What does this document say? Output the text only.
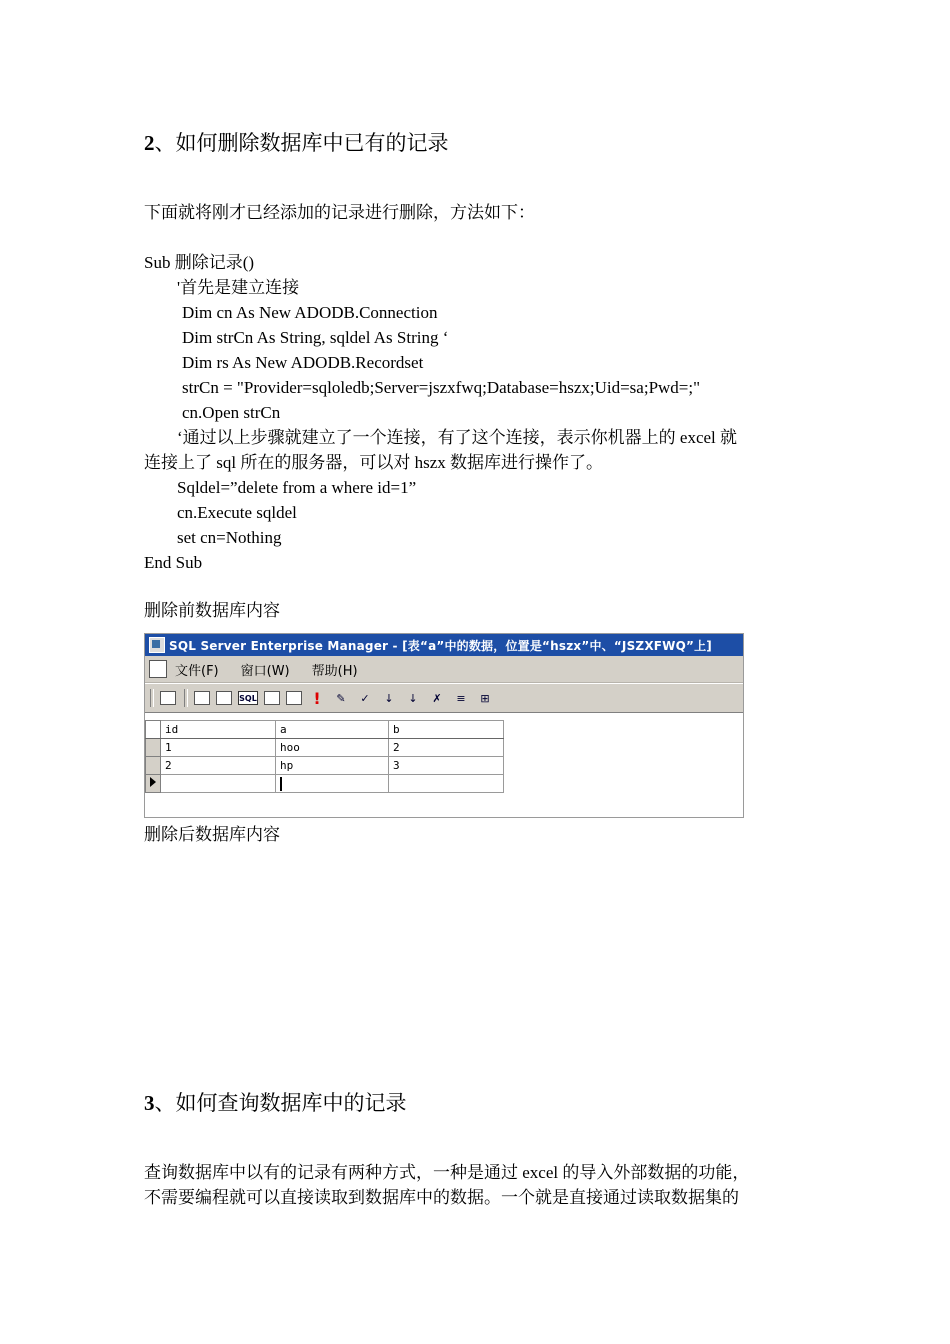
2、如何删除数据库中已有的记录
下面就将刚才已经添加的记录进行删除，方法如下：
Sub 删除记录()
'首先是建立连接
Dim cn As New ADODB.Connection
Dim strCn As String, sqldel As String ‘
Dim rs As New ADODB.Recordset
strCn = "Provider=sqloledb;Server=jszxfwq;Database=hszx;Uid=sa;Pwd=;"
cn.Open strCn
‘通过以上步骤就建立了一个连接，有了这个连接，表示你机器上的 excel 就
连接上了 sql 所在的服务器，可以对 hszx 数据库进行操作了。
Sqldel=”delete from a where id=1”
cn.Execute sqldel
set cn=Nothing
End Sub
删除前数据库内容
SQL Server Enterprise Manager - [表“a”中的数据，位置是“hszx”中、“JSZXFWQ”上]
文件(F) 窗口(W) 帮助(H)
SQL	!	✎	✓	↓	↓	✗	≡	⊞
	id	a	b
	1	hoo	2
	2	hp	3

删除后数据库内容
3、如何查询数据库中的记录
查询数据库中以有的记录有两种方式，一种是通过 excel 的导入外部数据的功能，
不需要编程就可以直接读取到数据库中的数据。一个就是直接通过读取数据集的
